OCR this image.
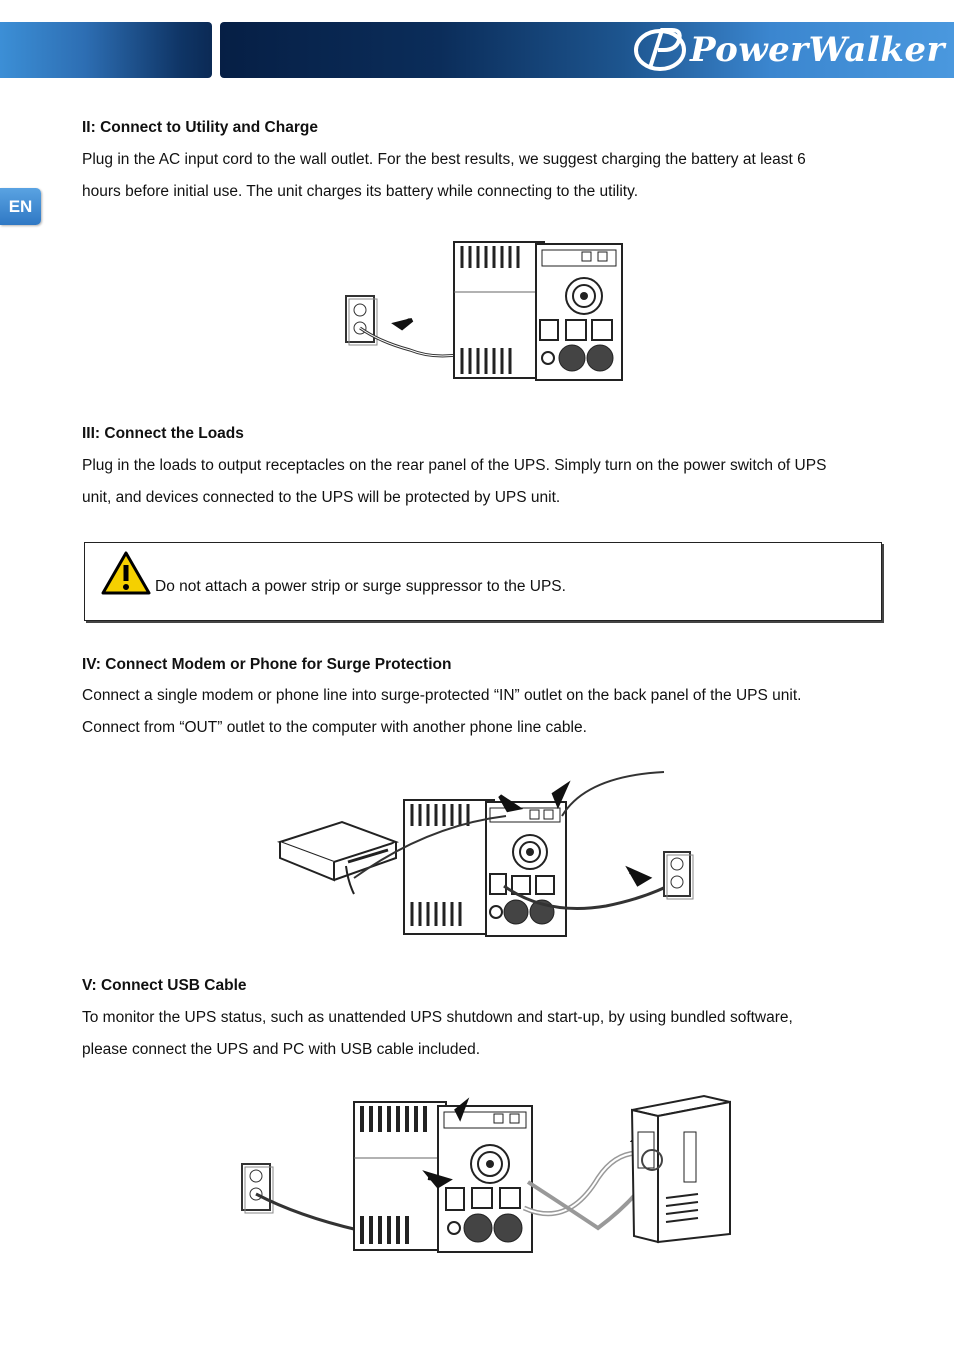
PowerWalker
EN
II: Connect to Utility and Charge
Plug in the AC input cord to the wall outlet. For the best results, we suggest charging the battery at least 6
hours before initial use. The unit charges its battery while connecting to the utility.
III: Connect the Loads
Plug in the loads to output receptacles on the rear panel of the UPS. Simply turn on the power switch of UPS
unit, and devices connected to the UPS will be protected by UPS unit.
Do not attach a power strip or surge suppressor to the UPS.
IV: Connect Modem or Phone for Surge Protection
Connect a single modem or phone line into surge-protected “IN” outlet on the back panel of the UPS unit.
Connect from “OUT” outlet to the computer with another phone line cable.
V: Connect USB Cable
To monitor the UPS status, such as unattended UPS shutdown and start-up, by using bundled software,
please connect the UPS and PC with USB cable included.
